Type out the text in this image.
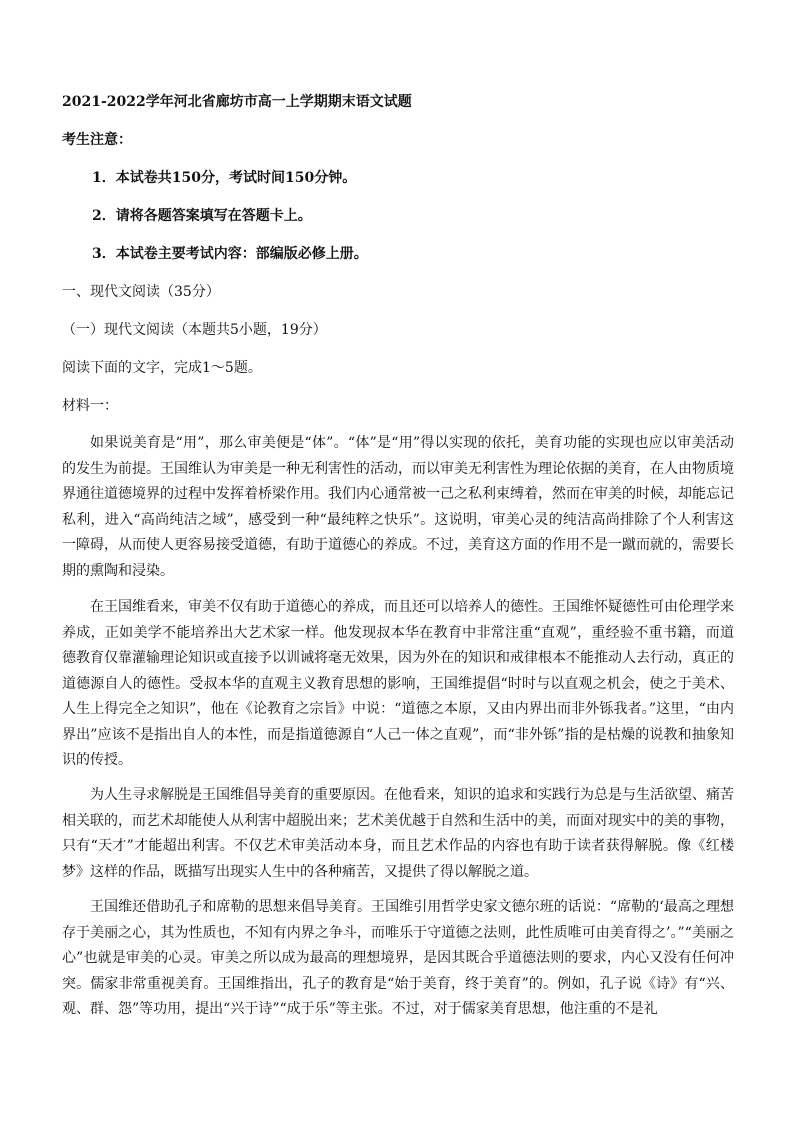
2021-2022学年河北省廊坊市高一上学期期末语文试题
考生注意：
1．本试卷共150分，考试时间150分钟。
2．请将各题答案填写在答题卡上。
3．本试卷主要考试内容：部编版必修上册。
一、现代文阅读（35分）
（一）现代文阅读（本题共5小题，19分）
阅读下面的文字，完成1～5题。
材料一：

如果说美育是“用”，那么审美便是“体”。“体”是“用”得以实现的依托，美育功能的实现也应以审美活动的发生为前提。王国维认为审美是一种无利害性的活动，而以审美无利害性为理论依据的美育，在人由物质境界通往道德境界的过程中发挥着桥梁作用。我们内心通常被一己之私利束缚着，然而在审美的时候，却能忘记私利，进入“高尚纯洁之域”，感受到一种“最纯粹之快乐”。这说明，审美心灵的纯洁高尚排除了个人利害这一障碍，从而使人更容易接受道德，有助于道德心的养成。不过，美育这方面的作用不是一蹴而就的，需要长期的熏陶和浸染。

在王国维看来，审美不仅有助于道德心的养成，而且还可以培养人的德性。王国维怀疑德性可由伦理学来养成，正如美学不能培养出大艺术家一样。他发现叔本华在教育中非常注重“直观”，重经验不重书籍，而道德教育仅靠灌输理论知识或直接予以训诫将毫无效果，因为外在的知识和戒律根本不能推动人去行动，真正的道德源自人的德性。受叔本华的直观主义教育思想的影响，王国维提倡“时时与以直观之机会，使之于美术、人生上得完全之知识”，他在《论教育之宗旨》中说：“道德之本原，又由内界出而非外铄我者。”这里，“由内界出”应该不是指出自人的本性，而是指道德源自“人己一体之直观”，而“非外铄”指的是枯燥的说教和抽象知识的传授。

为人生寻求解脱是王国维倡导美育的重要原因。在他看来，知识的追求和实践行为总是与生活欲望、痛苦相关联的，而艺术却能使人从利害中超脱出来；艺术美优越于自然和生活中的美，而面对现实中的美的事物，只有“天才”才能超出利害。不仅艺术审美活动本身，而且艺术作品的内容也有助于读者获得解脱。像《红楼梦》这样的作品，既描写出现实人生中的各种痛苦，又提供了得以解脱之道。

王国维还借助孔子和席勒的思想来倡导美育。王国维引用哲学史家文德尔班的话说：“席勒的‘最高之理想存于美丽之心，其为性质也，不知有内界之争斗，而唯乐于守道德之法则，此性质唯可由美育得之’。”“美丽之心”也就是审美的心灵。审美之所以成为最高的理想境界，是因其既合乎道德法则的要求，内心又没有任何冲突。儒家非常重视美育。王国维指出，孔子的教育是“始于美育，终于美育”的。例如，孔子说《诗》有“兴、观、群、怨”等功用，提出“兴于诗”“成于乐”等主张。不过，对于儒家美育思想，他注重的不是礼
